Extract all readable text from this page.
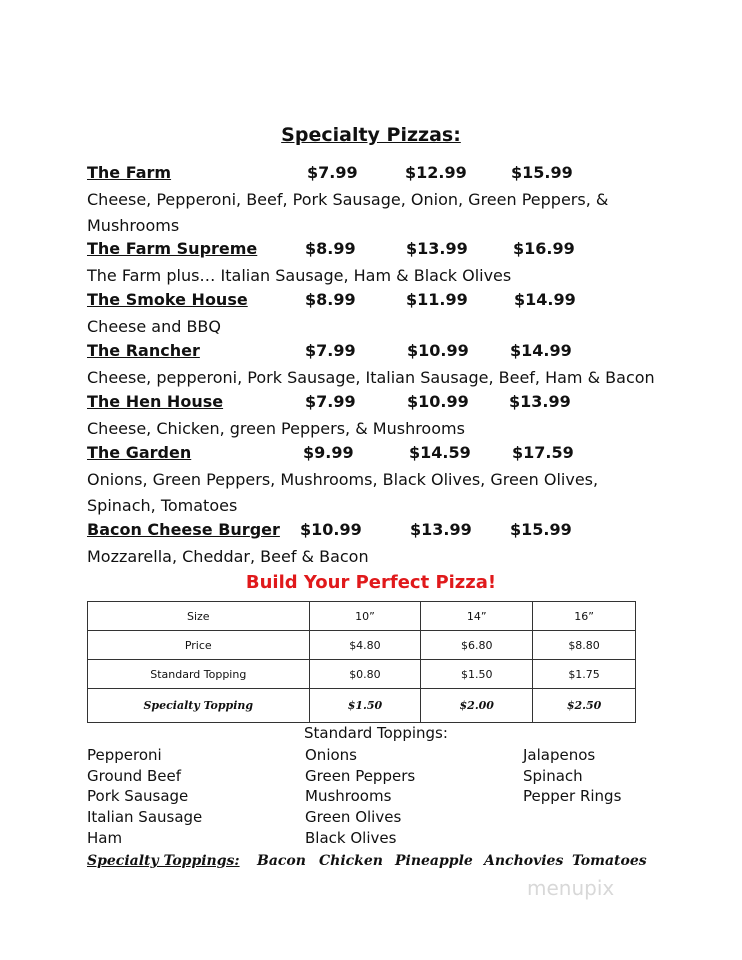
Specialty Pizzas:
The Farm	$7.99	$12.99	$15.99
Cheese, Pepperoni, Beef, Pork Sausage, Onion, Green Peppers, & Mushrooms
The Farm Supreme	$8.99	$13.99	$16.99
The Farm plus… Italian Sausage, Ham & Black Olives
The Smoke House	$8.99	$11.99	$14.99
Cheese and BBQ
The Rancher	$7.99	$10.99	$14.99
Cheese, pepperoni, Pork Sausage, Italian Sausage, Beef, Ham & Bacon
The Hen House	$7.99	$10.99	$13.99
Cheese, Chicken, green Peppers, & Mushrooms
The Garden	$9.99	$14.59	$17.59
Onions, Green Peppers, Mushrooms, Black Olives, Green Olives, Spinach, Tomatoes
Bacon Cheese Burger $10.99	$13.99 $15.99
Mozzarella, Cheddar, Beef & Bacon
Build Your Perfect Pizza!
Size	10”	14”	16”
Price	$4.80	$6.80	$8.80
Standard Topping	$0.80	$1.50	$1.75
Specialty Topping	$1.50	$2.00	$2.50
Standard Toppings:
Pepperoni
Ground Beef
Pork Sausage
Italian Sausage
Ham
Onions
Green Peppers
Mushrooms
Green Olives
Black Olives
Jalapenos
Spinach
Pepper Rings
Specialty Toppings: Bacon Chicken Pineapple Anchovies Tomatoes
menupix
